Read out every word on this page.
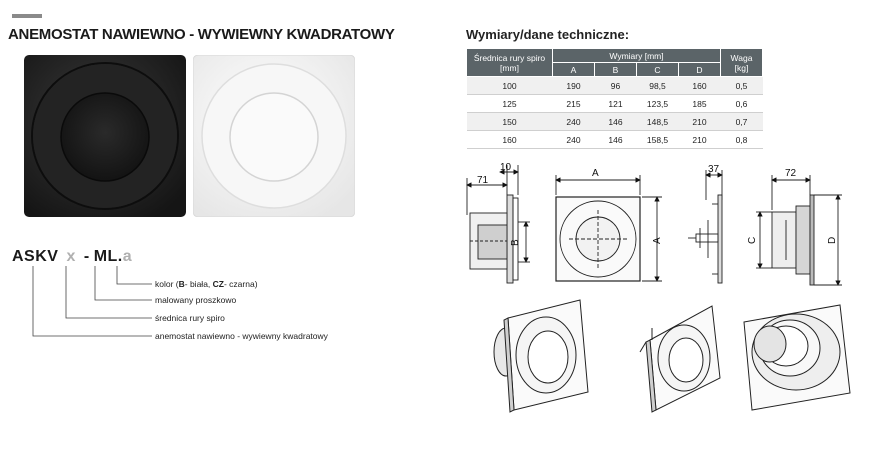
ANEMOSTAT NAWIEWNO - WYWIEWNY KWADRATOWY	Wymiary/dane techniczne:
ASKV x - ML.a
kolor (B- biała, CZ- czarna)
malowany proszkowo
średnica rury spiro
anemostat nawiewno - wywiewny kwadratowy
Średnica rury spiro
[mm]	Wymiary [mm]				Waga
[kg]
	A	B	C	D	
100	190	96	98,5	160	0,5
125	215	121	123,5	185	0,6
150	240	146	148,5	210	0,7
160	240	146	158,5	210	0,8
71
10
B
A
A
37	72
C	D
